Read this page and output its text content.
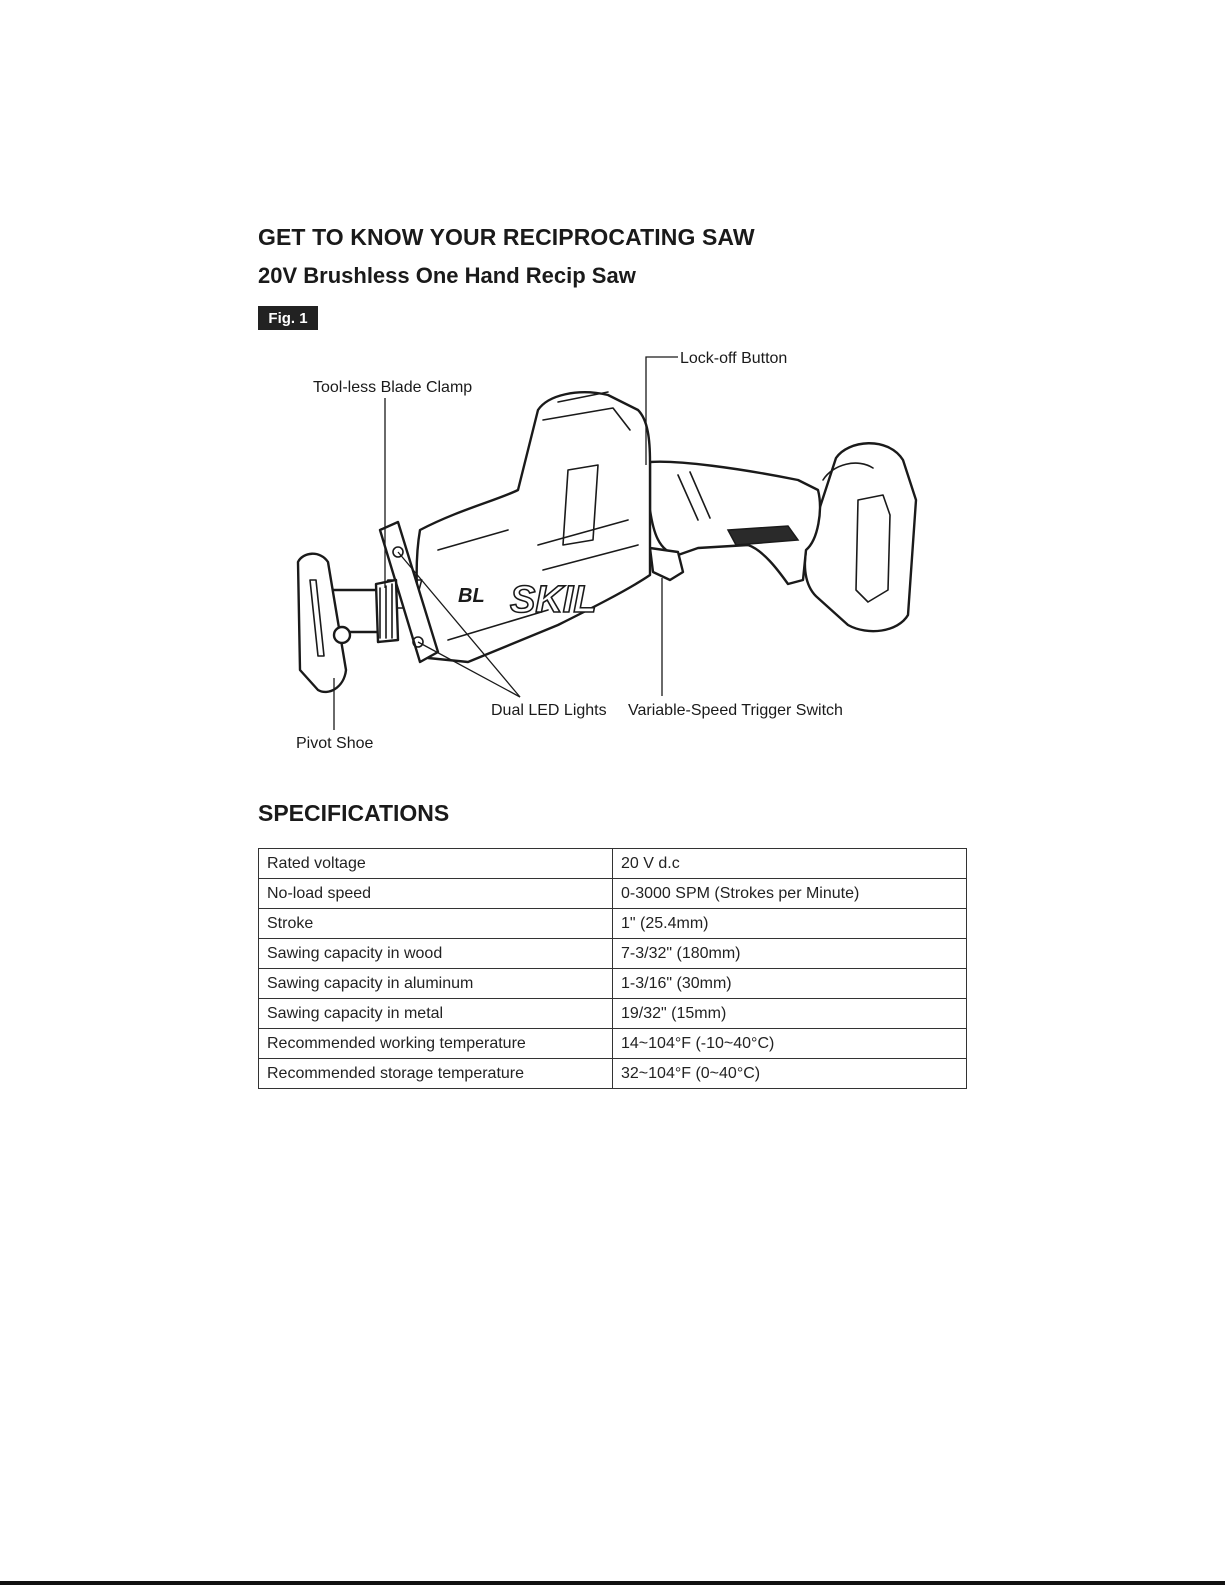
GET TO KNOW YOUR RECIPROCATING SAW
20V Brushless One Hand Recip Saw
Fig. 1
BL SKIL
Lock-off Button
Tool-less Blade Clamp
Dual LED Lights Variable-Speed Trigger Switch
Pivot Shoe
SPECIFICATIONS
Rated voltage	20 V d.c
No-load speed	0-3000 SPM (Strokes per Minute)
Stroke	1" (25.4mm)
Sawing capacity in wood	7-3/32" (180mm)
Sawing capacity in aluminum	1-3/16" (30mm)
Sawing capacity in metal	19/32" (15mm)
Recommended working temperature	14~104°F (-10~40°C)
Recommended storage temperature	32~104°F (0~40°C)
